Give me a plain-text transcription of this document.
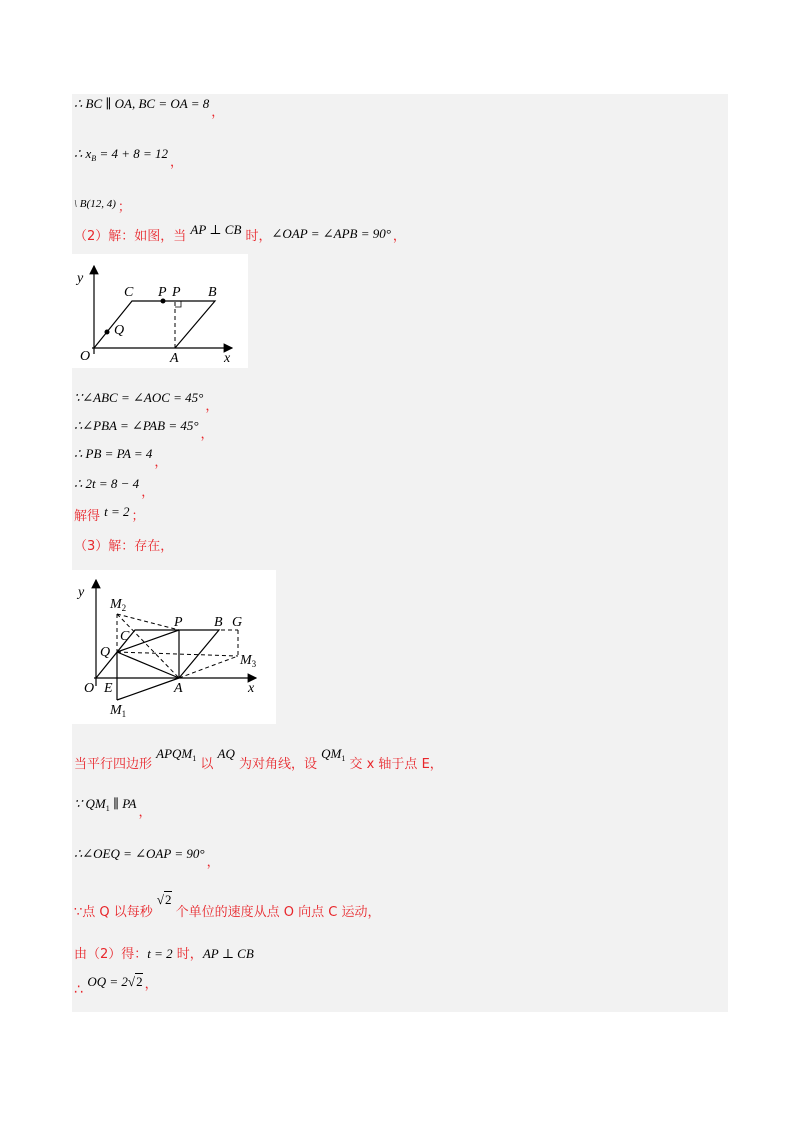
∴ BC ∥ OA, BC = OA = 8，
∴ $x_B = 4 + 8 = 12$，
\ B(12, 4) ；
（2）解：如图，当 AP ⊥ CB 时，∠OAP = ∠APB = 90° ，
y
x
O
C P P B
Q
A
∵∠ABC = ∠AOC = 45°，
∴∠PBA = ∠PAB = 45°，
∴ PB = PA = 4，
∴ 2t = 8 − 4，
解得 t = 2 ；
（3）解：存在，
y
x
O E	A
Q
C
P B G
$M_2$
$M_1$
$M_3$
当平行四边形 $APQM_1$ 以 AQ 为对角线，设 $QM_1$ 交 x 轴于点 E，
∵ $QM_1$ ∥ PA，
∴∠OEQ = ∠OAP = 90°，
∵点 Q 以每秒 √2 个单位的速度从点 O 向点 C 运动，
由（2）得：t = 2 时，AP ⊥ CB
∴ OQ = 2√2 ，
